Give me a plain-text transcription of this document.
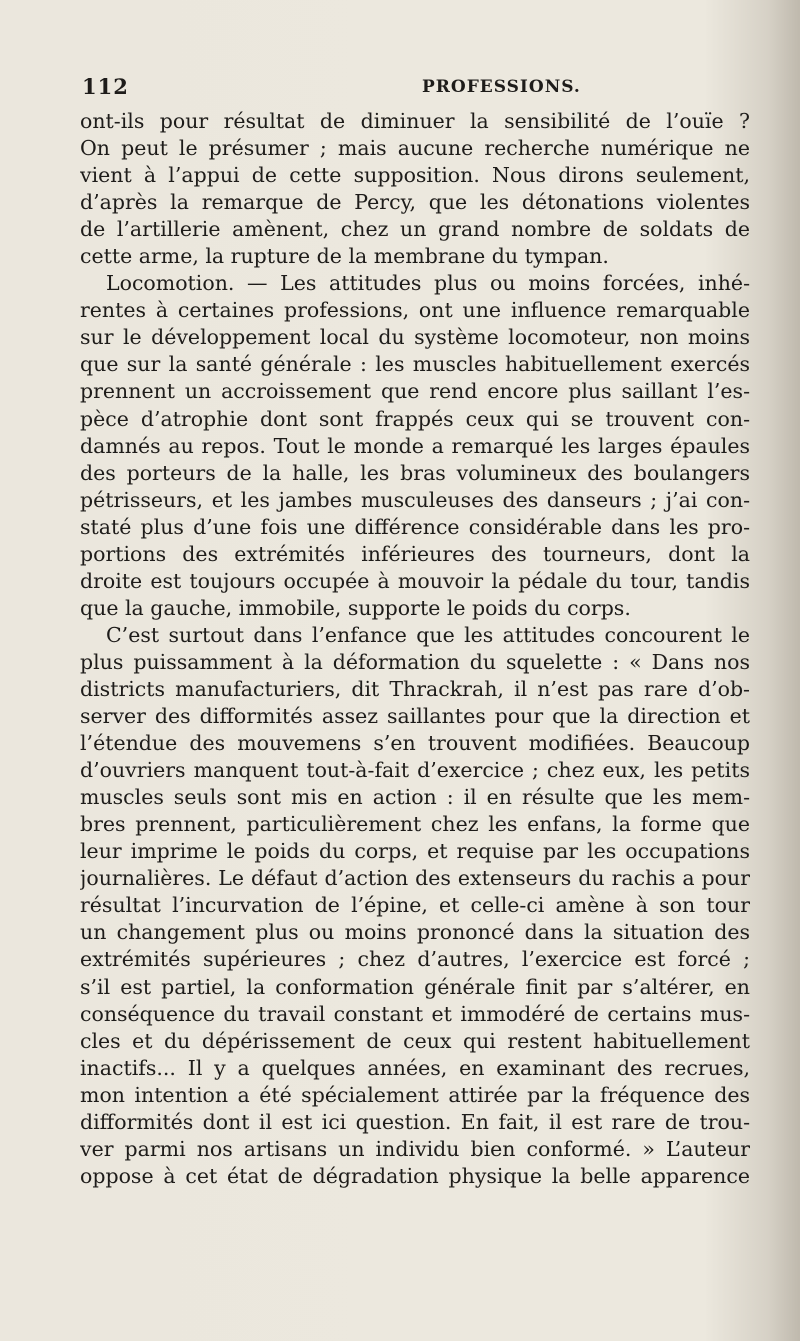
112	PROFESSIONS.
ont-ils pour résultat de diminuer la sensibilité de l’ouïe ?
On peut le présumer ; mais aucune recherche numérique ne
vient à l’appui de cette supposition. Nous dirons seulement,
d’après la remarque de Percy, que les détonations violentes
de l’artillerie amènent, chez un grand nombre de soldats de
cette arme, la rupture de la membrane du tympan.
Locomotion. — Les attitudes plus ou moins forcées, inhé-
rentes à certaines professions, ont une influence remarquable
sur le développement local du système locomoteur, non moins
que sur la santé générale : les muscles habituellement exercés
prennent un accroissement que rend encore plus saillant l’es-
pèce d’atrophie dont sont frappés ceux qui se trouvent con-
damnés au repos. Tout le monde a remarqué les larges épaules
des porteurs de la halle, les bras volumineux des boulangers
pétrisseurs, et les jambes musculeuses des danseurs ; j’ai con-
staté plus d’une fois une différence considérable dans les pro-
portions des extrémités inférieures des tourneurs, dont la
droite est toujours occupée à mouvoir la pédale du tour, tandis
que la gauche, immobile, supporte le poids du corps.
C’est surtout dans l’enfance que les attitudes concourent le
plus puissamment à la déformation du squelette : « Dans nos
districts manufacturiers, dit Thrackrah, il n’est pas rare d’ob-
server des difformités assez saillantes pour que la direction et
l’étendue des mouvemens s’en trouvent modifiées. Beaucoup
d’ouvriers manquent tout-à-fait d’exercice ; chez eux, les petits
muscles seuls sont mis en action : il en résulte que les mem-
bres prennent, particulièrement chez les enfans, la forme que
leur imprime le poids du corps, et requise par les occupations
journalières. Le défaut d’action des extenseurs du rachis a pour
résultat l’incurvation de l’épine, et celle-ci amène à son tour
un changement plus ou moins prononcé dans la situation des
extrémités supérieures ; chez d’autres, l’exercice est forcé ;
s’il est partiel, la conformation générale finit par s’altérer, en
conséquence du travail constant et immodéré de certains mus-
cles et du dépérissement de ceux qui restent habituellement
inactifs... Il y a quelques années, en examinant des recrues,
mon intention a été spécialement attirée par la fréquence des
difformités dont il est ici question. En fait, il est rare de trou-
ver parmi nos artisans un individu bien conformé. » L’auteur
oppose à cet état de dégradation physique la belle apparence
